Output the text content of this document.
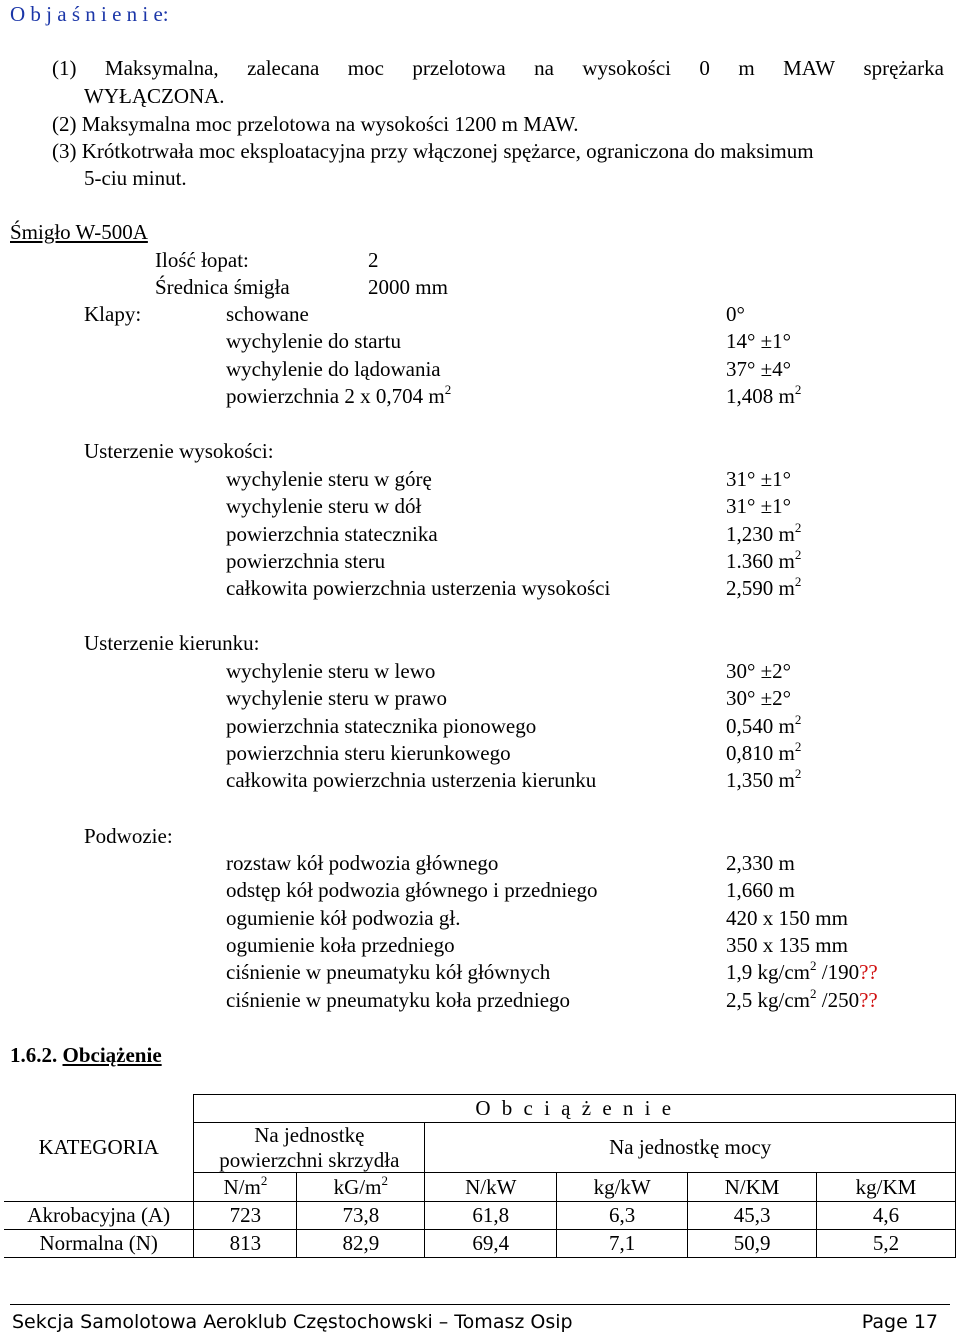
O b j a ś n i e n i e:
(1) Maksymalna, zalecana moc przelotowa na wysokości 0 m MAW sprężarka
WYŁĄCZONA.
(2) Maksymalna moc przelotowa na wysokości 1200 m MAW.
(3) Krótkotrwała moc eksploatacyjna przy włączonej spężarce, ograniczona do maksimum
5-ciu minut.
Śmigło W-500A
Ilość łopat:	2
Średnica śmigła	2000 mm
Klapy:	schowane	0°
wychylenie do startu	14° ±1°
wychylenie do lądowania	37° ±4°
powierzchnia 2 x 0,704 $m^2$	1,408 $m^2$
Usterzenie wysokości:
wychylenie steru w górę	31° ±1°
wychylenie steru w dół	31° ±1°
powierzchnia statecznika	1,230 $m^2$
powierzchnia steru	1.360 $m^2$
całkowita powierzchnia usterzenia wysokości	2,590 $m^2$
Usterzenie kierunku:
wychylenie steru w lewo	30° ±2°
wychylenie steru w prawo	30° ±2°
powierzchnia statecznika pionowego	0,540 $m^2$
powierzchnia steru kierunkowego	0,810 $m^2$
całkowita powierzchnia usterzenia kierunku	1,350 $m^2$
Podwozie:
rozstaw kół podwozia głównego	2,330 m
odstęp kół podwozia głównego i przedniego	1,660 m
ogumienie kół podwozia gł.	420 x 150 mm
ogumienie koła przedniego	350 x 135 mm
ciśnienie w pneumatyku kół głównych	1,9 $kg/cm^2$ /190??
ciśnienie w pneumatyku koła przedniego	2,5 $kg/cm^2$ /250??
1.6.2. Obciążenie
KATEGORIA	O b c i ą ż e n i e					

	Na jednostkę
powierzchni skrzydła		Na jednostkę mocy			
	$N/m^2$	$kG/m^2$	N/kW	kg/kW	N/KM	kg/KM
Akrobacyjna (A)	723	73,8	61,8	6,3	45,3	4,6
Normalna (N)	813	82,9	69,4	7,1	50,9	5,2
Sekcja Samolotowa Aeroklub Częstochowski – Tomasz Osip	Page 17
